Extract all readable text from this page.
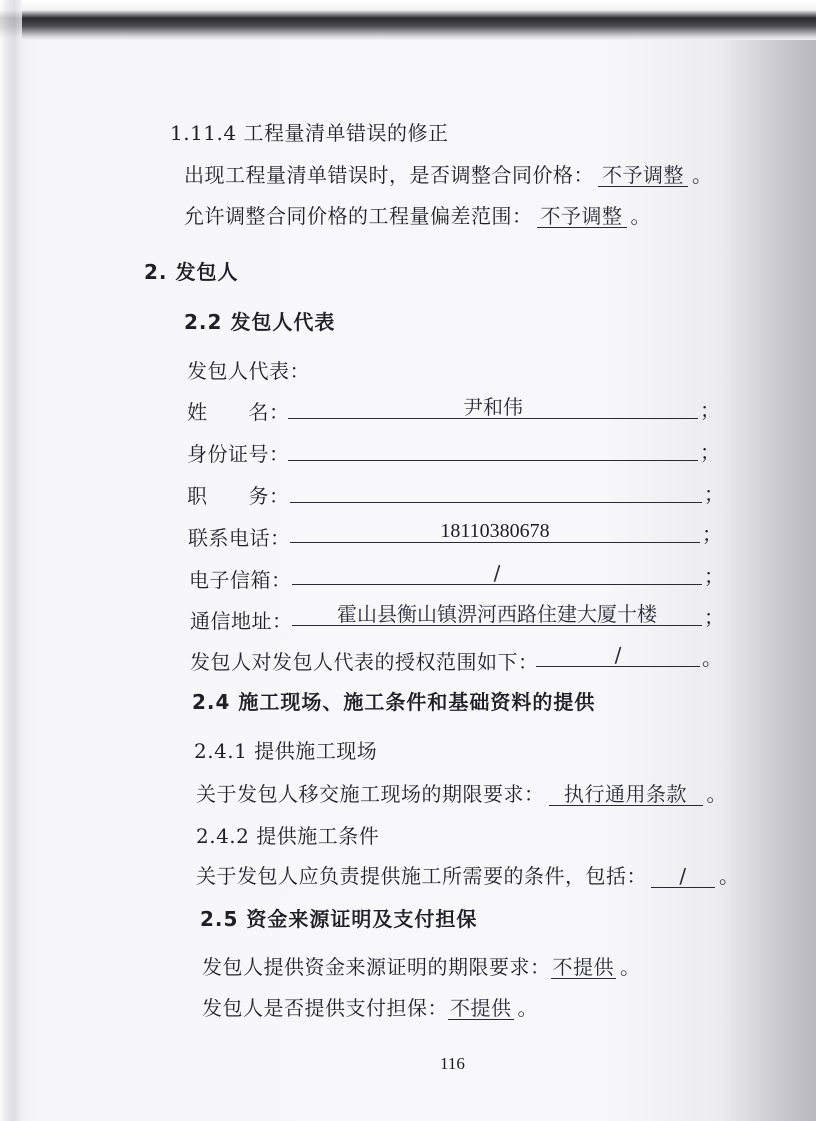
1.11.4 工程量清单错误的修正
出现工程量清单错误时，是否调整合同价格： 不予调整 。
允许调整合同价格的工程量偏差范围： 不予调整 。
2. 发包人
2.2 发包人代表
发包人代表：
姓　　名：	尹和伟	；
身份证号：	；
职　　务：	；
联系电话：	18110380678	；
电子信箱：	/	；
通信地址：	霍山县衡山镇淠河西路住建大厦十楼	；
发包人对发包人代表的授权范围如下：	/	。
2.4 施工现场、施工条件和基础资料的提供
2.4.1 提供施工现场
关于发包人移交施工现场的期限要求： 执行通用条款 。
2.4.2 提供施工条件
关于发包人应负责提供施工所需要的条件，包括： / 。
2.5 资金来源证明及支付担保
发包人提供资金来源证明的期限要求： 不提供 。
发包人是否提供支付担保： 不提供 。
116
